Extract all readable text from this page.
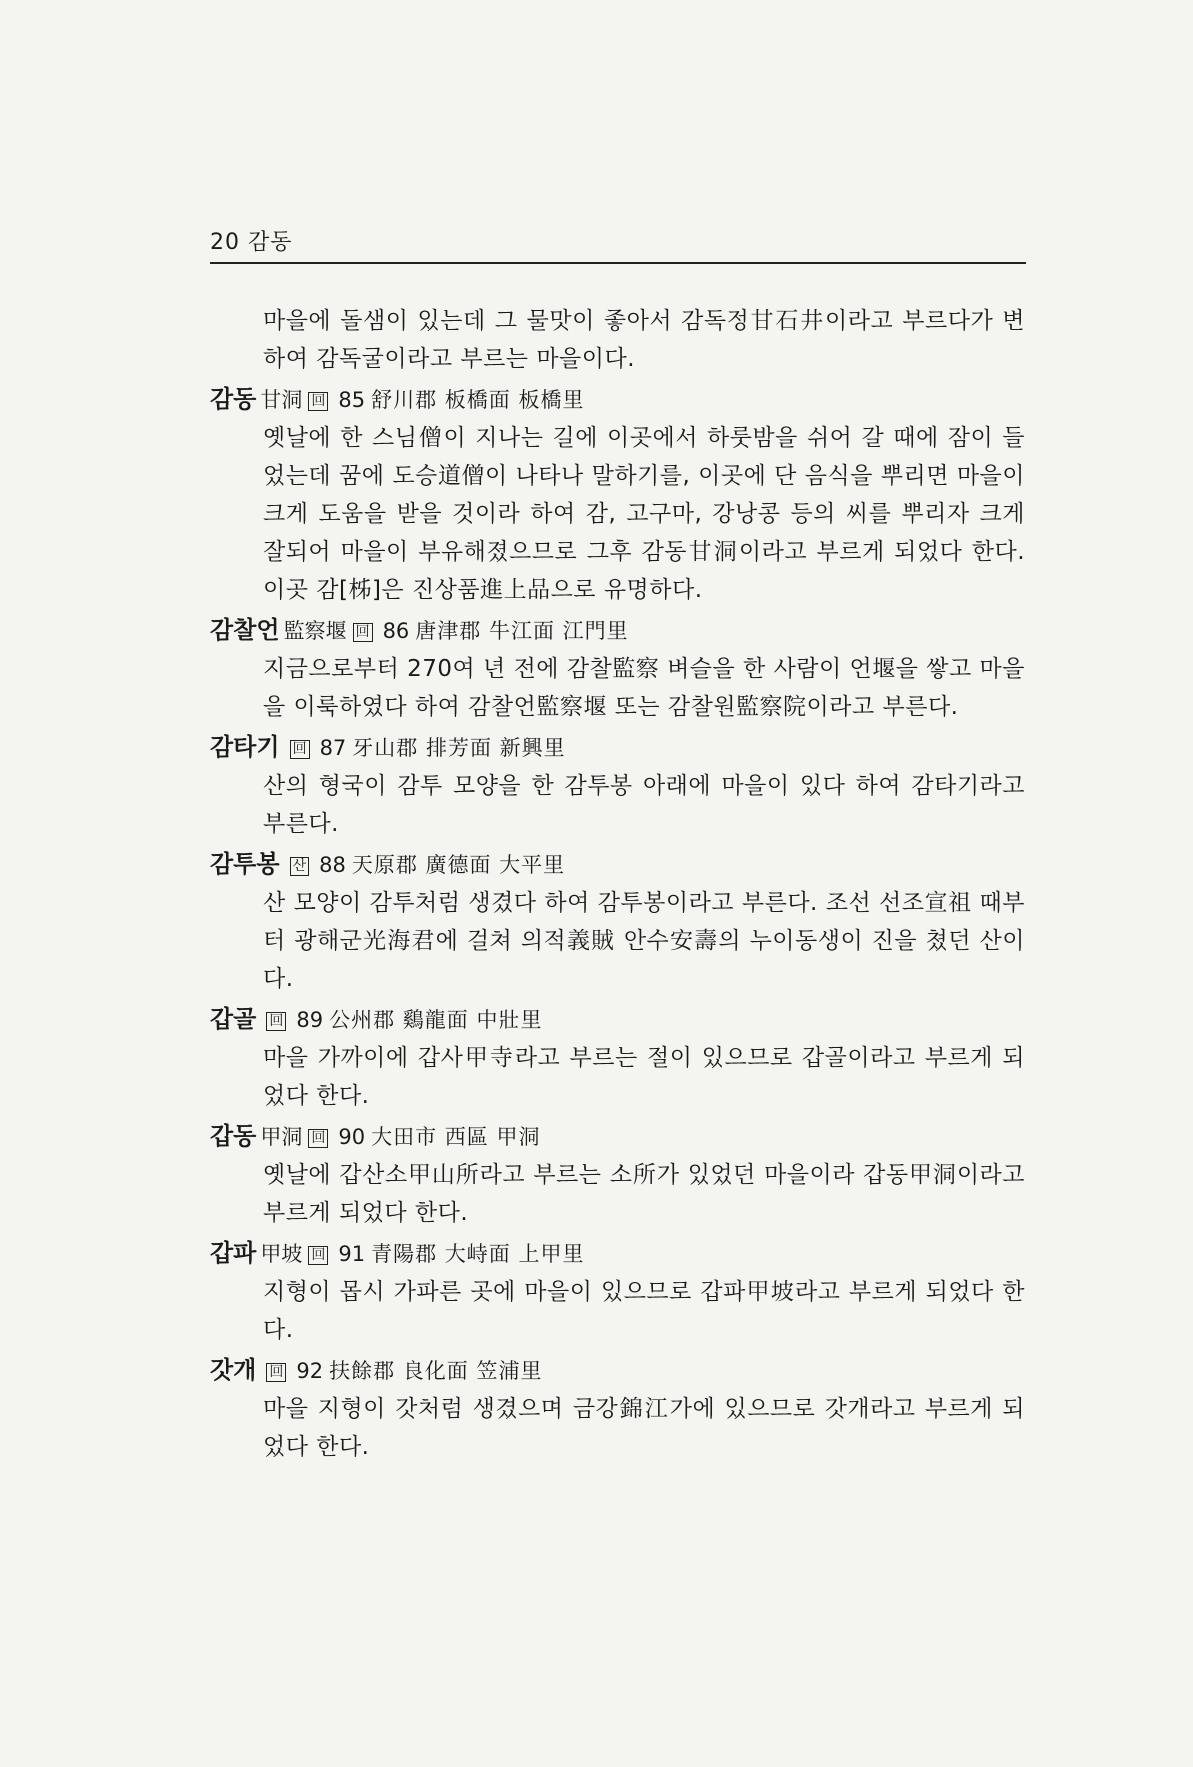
20 감동
마을에 돌샘이 있는데 그 물맛이 좋아서 감독정甘石井이라고 부르다가 변하여 감독굴이라고 부르는 마을이다.
감동 甘洞 回 85 舒川郡 板橋面 板橋里
옛날에 한 스님僧이 지나는 길에 이곳에서 하룻밤을 쉬어 갈 때에 잠이 들었는데 꿈에 도승道僧이 나타나 말하기를, 이곳에 단 음식을 뿌리면 마을이 크게 도움을 받을 것이라 하여 감, 고구마, 강낭콩 등의 씨를 뿌리자 크게 잘되어 마을이 부유해졌으므로 그후 감동甘洞이라고 부르게 되었다 한다. 이곳 감[柹]은 진상품進上品으로 유명하다.
감찰언 監察堰 回 86 唐津郡 牛江面 江門里
지금으로부터 270여 년 전에 감찰監察 벼슬을 한 사람이 언堰을 쌓고 마을을 이룩하였다 하여 감찰언監察堰 또는 감찰원監察院이라고 부른다.
감타기 回 87 牙山郡 排芳面 新興里
산의 형국이 감투 모양을 한 감투봉 아래에 마을이 있다 하여 감타기라고 부른다.
감투봉 산 88 天原郡 廣德面 大平里
산 모양이 감투처럼 생겼다 하여 감투봉이라고 부른다. 조선 선조宣祖 때부터 광해군光海君에 걸쳐 의적義賊 안수安壽의 누이동생이 진을 쳤던 산이다.
갑골 回 89 公州郡 鷄龍面 中壯里
마을 가까이에 갑사甲寺라고 부르는 절이 있으므로 갑골이라고 부르게 되었다 한다.
갑동 甲洞 回 90 大田市 西區 甲洞
옛날에 갑산소甲山所라고 부르는 소所가 있었던 마을이라 갑동甲洞이라고 부르게 되었다 한다.
갑파 甲坡 回 91 青陽郡 大峙面 上甲里
지형이 몹시 가파른 곳에 마을이 있으므로 갑파甲坡라고 부르게 되었다 한다.
갓개 回 92 扶餘郡 良化面 笠浦里
마을 지형이 갓처럼 생겼으며 금강錦江가에 있으므로 갓개라고 부르게 되었다 한다.
